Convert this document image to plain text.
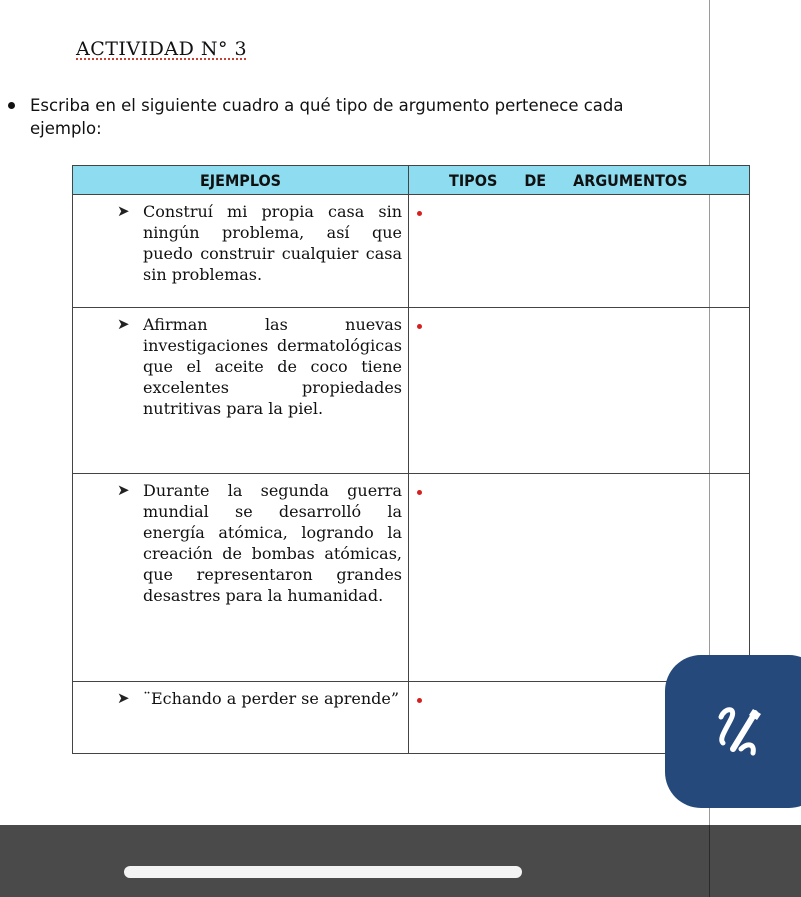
ACTIVIDAD N° 3
Escriba en el siguiente cuadro a qué tipo de argumento pertenece cada ejemplo:
EJEMPLOS	TIPOS DE ARGUMENTOS

➤ Construí mi propia casa sin ningún problema, así que puedo construir cualquier casa sin problemas.	

➤ Afirman las nuevas investigaciones dermatológicas que el aceite de coco tiene excelentes propiedades nutritivas para la piel.	

➤ Durante la segunda guerra mundial se desarrolló la energía atómica, logrando la creación de bombas atómicas, que representaron grandes desastres para la humanidad.	

➤ ¨Echando a perder se aprende”	
